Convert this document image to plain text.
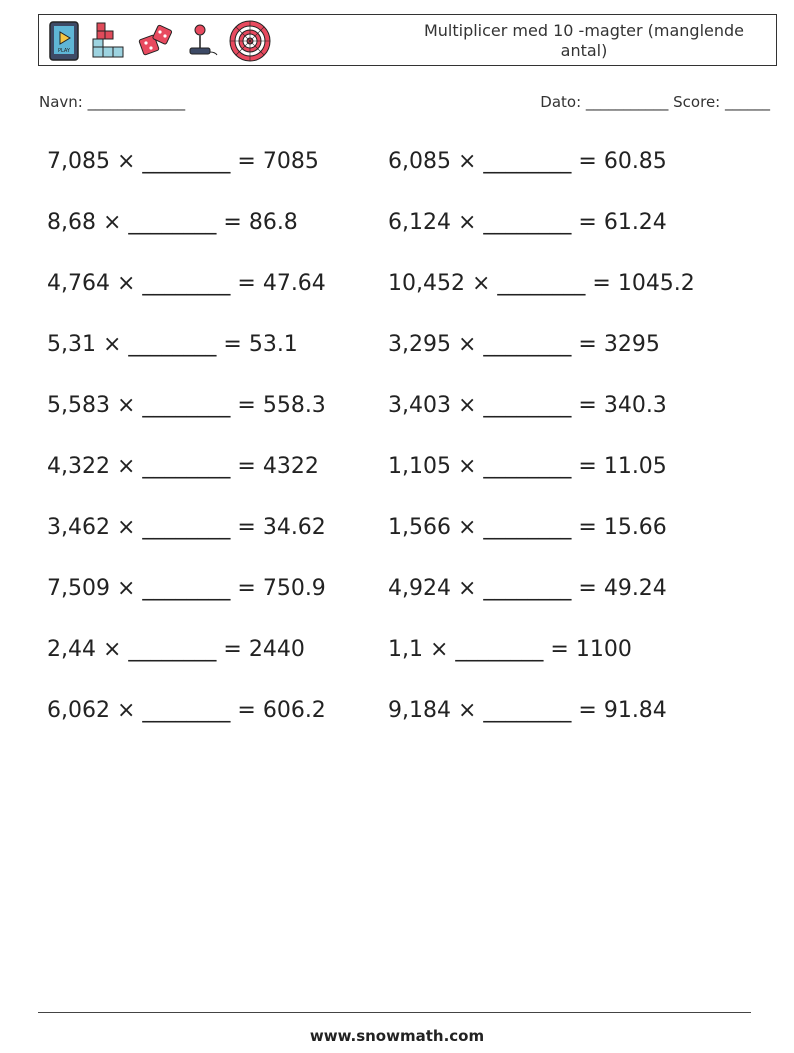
PLAY
Multiplicer med 10 -magter (manglende antal)
Navn: _____________	Dato: ___________ Score: ______
7,085 × ________ = 7085	6,085 × ________ = 60.85
8,68 × ________ = 86.8	6,124 × ________ = 61.24
4,764 × ________ = 47.64	10,452 × ________ = 1045.2
5,31 × ________ = 53.1	3,295 × ________ = 3295
5,583 × ________ = 558.3	3,403 × ________ = 340.3
4,322 × ________ = 4322	1,105 × ________ = 11.05
3,462 × ________ = 34.62	1,566 × ________ = 15.66
7,509 × ________ = 750.9	4,924 × ________ = 49.24
2,44 × ________ = 2440	1,1 × ________ = 1100
6,062 × ________ = 606.2	9,184 × ________ = 91.84
www.snowmath.com
